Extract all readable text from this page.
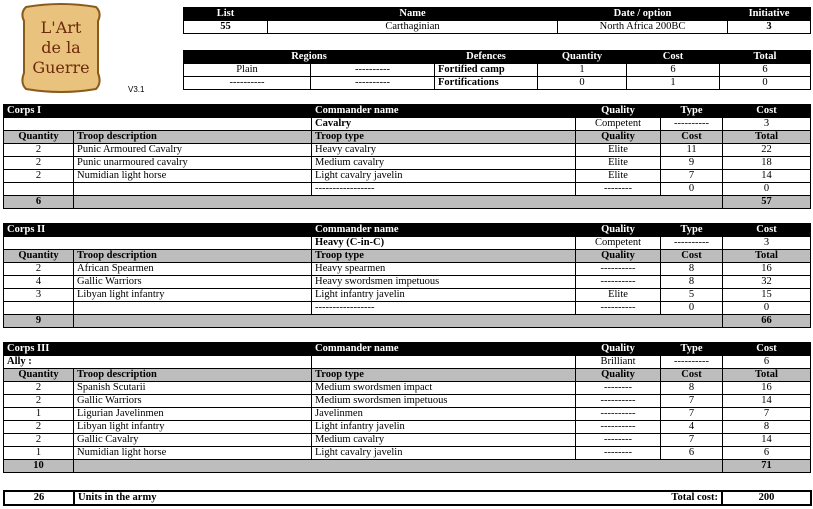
L'Art
de la
Guerre
V3.1
List	Name	Date / option	Initiative
55	Carthaginian	North Africa 200BC	3
Regions		Defences	Quantity	Cost	Total
Plain	----------	Fortified camp	1	6	6
----------	----------	Fortifications	0	1	0
Corps I		Commander name	Quality	Type	Cost
		Cavalry	Competent	----------	3
Quantity	Troop description	Troop type	Quality	Cost	Total
2	Punic Armoured Cavalry	Heavy cavalry	Elite	11	22
2	Punic unarmoured cavalry	Medium cavalry	Elite	9	18
2	Numidian light horse	Light cavalry javelin	Elite	7	14
		-----------------	--------	0	0
6					57
Corps II		Commander name	Quality	Type	Cost
		Heavy (C-in-C)	Competent	----------	3
Quantity	Troop description	Troop type	Quality	Cost	Total
2	African Spearmen	Heavy spearmen	----------	8	16
4	Gallic Warriors	Heavy swordsmen impetuous	----------	8	32
3	Libyan light infantry	Light infantry javelin	Elite	5	15
		-----------------	----------	0	0
9					66
Corps III		Commander name	Quality	Type	Cost
Ally :			Brilliant	----------	6
Quantity	Troop description	Troop type	Quality	Cost	Total
2	Spanish Scutarii	Medium swordsmen impact	--------	8	16
2	Gallic Warriors	Medium swordsmen impetuous	----------	7	14
1	Ligurian Javelinmen	Javelinmen	----------	7	7
2	Libyan light infantry	Light infantry javelin	----------	4	8
2	Gallic Cavalry	Medium cavalry	--------	7	14
1	Numidian light horse	Light cavalry javelin	--------	6	6
10					71
26	Units in the army	Total cost:	200
